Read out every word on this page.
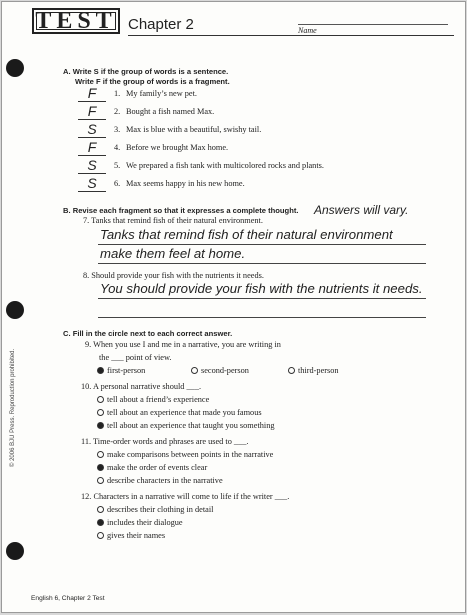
TEST Chapter 2	Name
© 2006 BJU Press. Reproduction prohibited.
A. Write S if the group of words is a sentence.
Write F if the group of words is a fragment.
F	1. My family’s new pet.
F	2. Bought a fish named Max.
S	3. Max is blue with a beautiful, swishy tail.
F	4. Before we brought Max home.
S	5. We prepared a fish tank with multicolored rocks and plants.
S	6. Max seems happy in his new home.
B. Revise each fragment so that it expresses a complete thought. Answers will vary.
7. Tanks that remind fish of their natural environment.
Tanks that remind fish of their natural environment
make them feel at home.
8. Should provide your fish with the nutrients it needs.
You should provide your fish with the nutrients it needs.
C. Fill in the circle next to each correct answer.
9. When you use I and me in a narrative, you are writing in
the ___ point of view.
first-person	second-person	third-person
10. A personal narrative should ___.
tell about a friend’s experience
tell about an experience that made you famous
tell about an experience that taught you something
11. Time-order words and phrases are used to ___.
make comparisons between points in the narrative
make the order of events clear
describe characters in the narrative
12. Characters in a narrative will come to life if the writer ___.
describes their clothing in detail
includes their dialogue
gives their names
English 6, Chapter 2 Test
